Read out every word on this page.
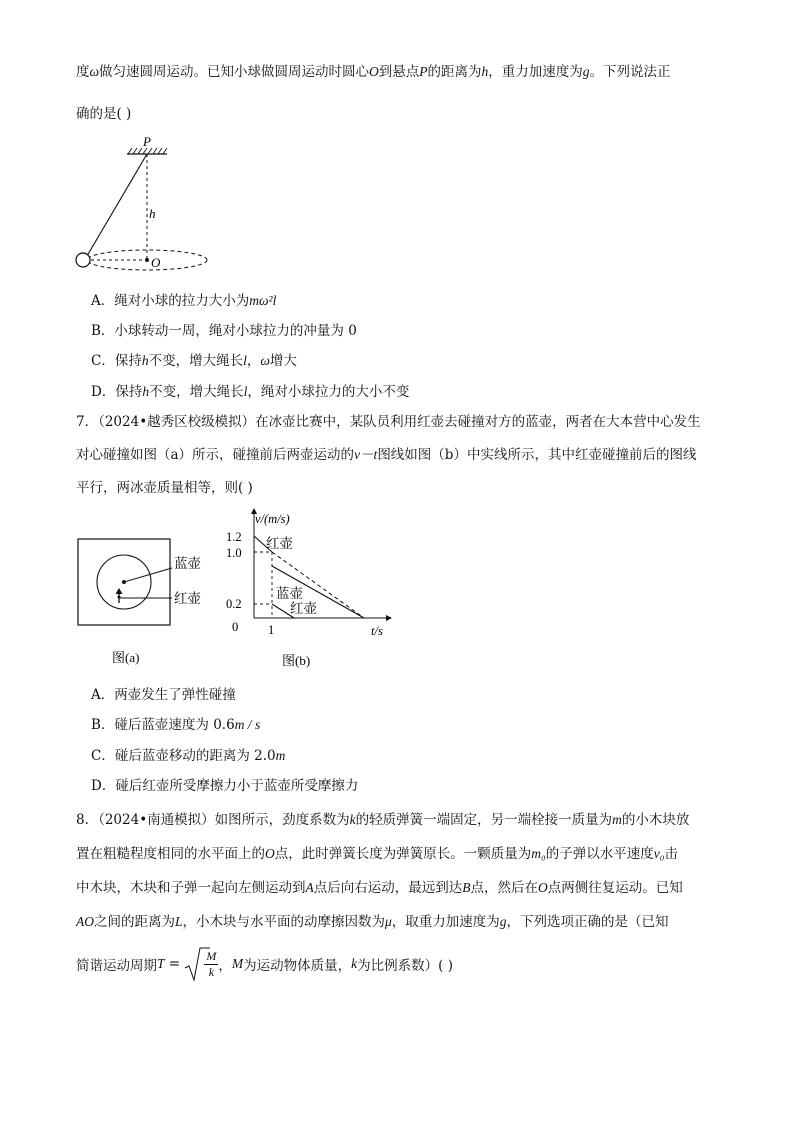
度ω做匀速圆周运动。已知小球做圆周运动时圆心O到悬点P的距离为h，重力加速度为g。下列说法正
确的是( )
P
h
O
A．绳对小球的拉力大小为mω²l
B．小球转动一周，绳对小球拉力的冲量为 0
C．保持h不变，增大绳长l，ω增大
D．保持h不变，增大绳长l，绳对小球拉力的大小不变
7．（2024•越秀区校级模拟）在冰壶比赛中，某队员利用红壶去碰撞对方的蓝壶，两者在大本营中心发生
对心碰撞如图（a）所示，碰撞前后两壶运动的v－t图线如图（b）中实线所示，其中红壶碰撞前后的图线
平行，两冰壶质量相等，则( )
蓝壶
红壶
图(a)
v/(m/s)
t/s
1.2
1.0
0.2
0 1
红壶
蓝壶
红壶
图(b)
A．两壶发生了弹性碰撞
B．碰后蓝壶速度为 0.6m / s
C．碰后蓝壶移动的距离为 2.0m
D．碰后红壶所受摩擦力小于蓝壶所受摩擦力
8．（2024•南通模拟）如图所示，劲度系数为k的轻质弹簧一端固定，另一端栓接一质量为m的小木块放
置在粗糙程度相同的水平面上的O点，此时弹簧长度为弹簧原长。一颗质量为m₀的子弹以水平速度v₀击
中木块，木块和子弹一起向左侧运动到A点后向右运动，最远到达B点，然后在O点两侧往复运动。已知
AO之间的距离为L，小木块与水平面的动摩擦因数为μ，取重力加速度为g，下列选项正确的是（已知
简谐运动周期$T = \frac{M}{k}$ ，M为运动物体质量，k为比例系数）( )
